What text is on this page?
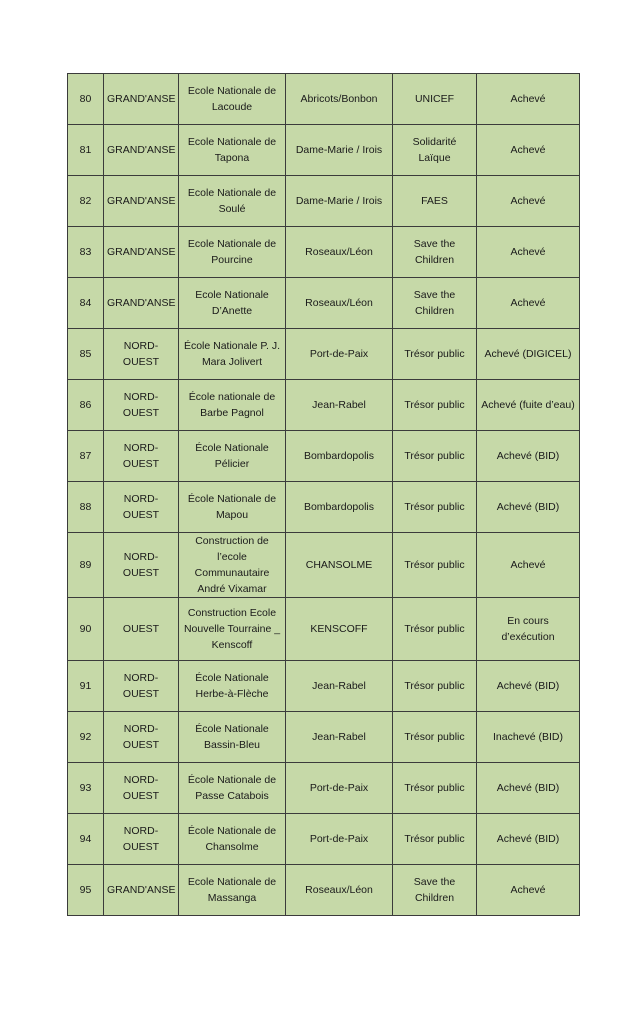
80	GRAND'ANSE	Ecole Nationale de Lacoude	Abricots/Bonbon	UNICEF	Achevé
81	GRAND'ANSE	Ecole Nationale de Tapona	Dame-Marie / Irois	Solidarité Laïque	Achevé
82	GRAND'ANSE	Ecole Nationale de Soulé	Dame-Marie / Irois	FAES	Achevé
83	GRAND'ANSE	Ecole Nationale de Pourcine	Roseaux/Léon	Save the Children	Achevé
84	GRAND'ANSE	Ecole Nationale D’Anette	Roseaux/Léon	Save the Children	Achevé
85	NORD-OUEST	École Nationale P. J. Mara Jolivert	Port-de-Paix	Trésor public	Achevé (DIGICEL)
86	NORD-OUEST	École nationale de Barbe Pagnol	Jean-Rabel	Trésor public	Achevé (fuite d’eau)
87	NORD-OUEST	École Nationale Pélicier	Bombardopolis	Trésor public	Achevé (BID)
88	NORD-OUEST	École Nationale de Mapou	Bombardopolis	Trésor public	Achevé (BID)
89	NORD-OUEST	Construction de l’ecole Communautaire André Vixamar	CHANSOLME	Trésor public	Achevé
90	OUEST	Construction Ecole Nouvelle Tourraine _ Kenscoff	KENSCOFF	Trésor public	En cours d’exécution
91	NORD-OUEST	École Nationale Herbe-à-Flèche	Jean-Rabel	Trésor public	Achevé (BID)
92	NORD-OUEST	École Nationale Bassin-Bleu	Jean-Rabel	Trésor public	Inachevé (BID)
93	NORD-OUEST	École Nationale de Passe Catabois	Port-de-Paix	Trésor public	Achevé (BID)
94	NORD-OUEST	École Nationale de Chansolme	Port-de-Paix	Trésor public	Achevé (BID)
95	GRAND'ANSE	Ecole Nationale de Massanga	Roseaux/Léon	Save the Children	Achevé
